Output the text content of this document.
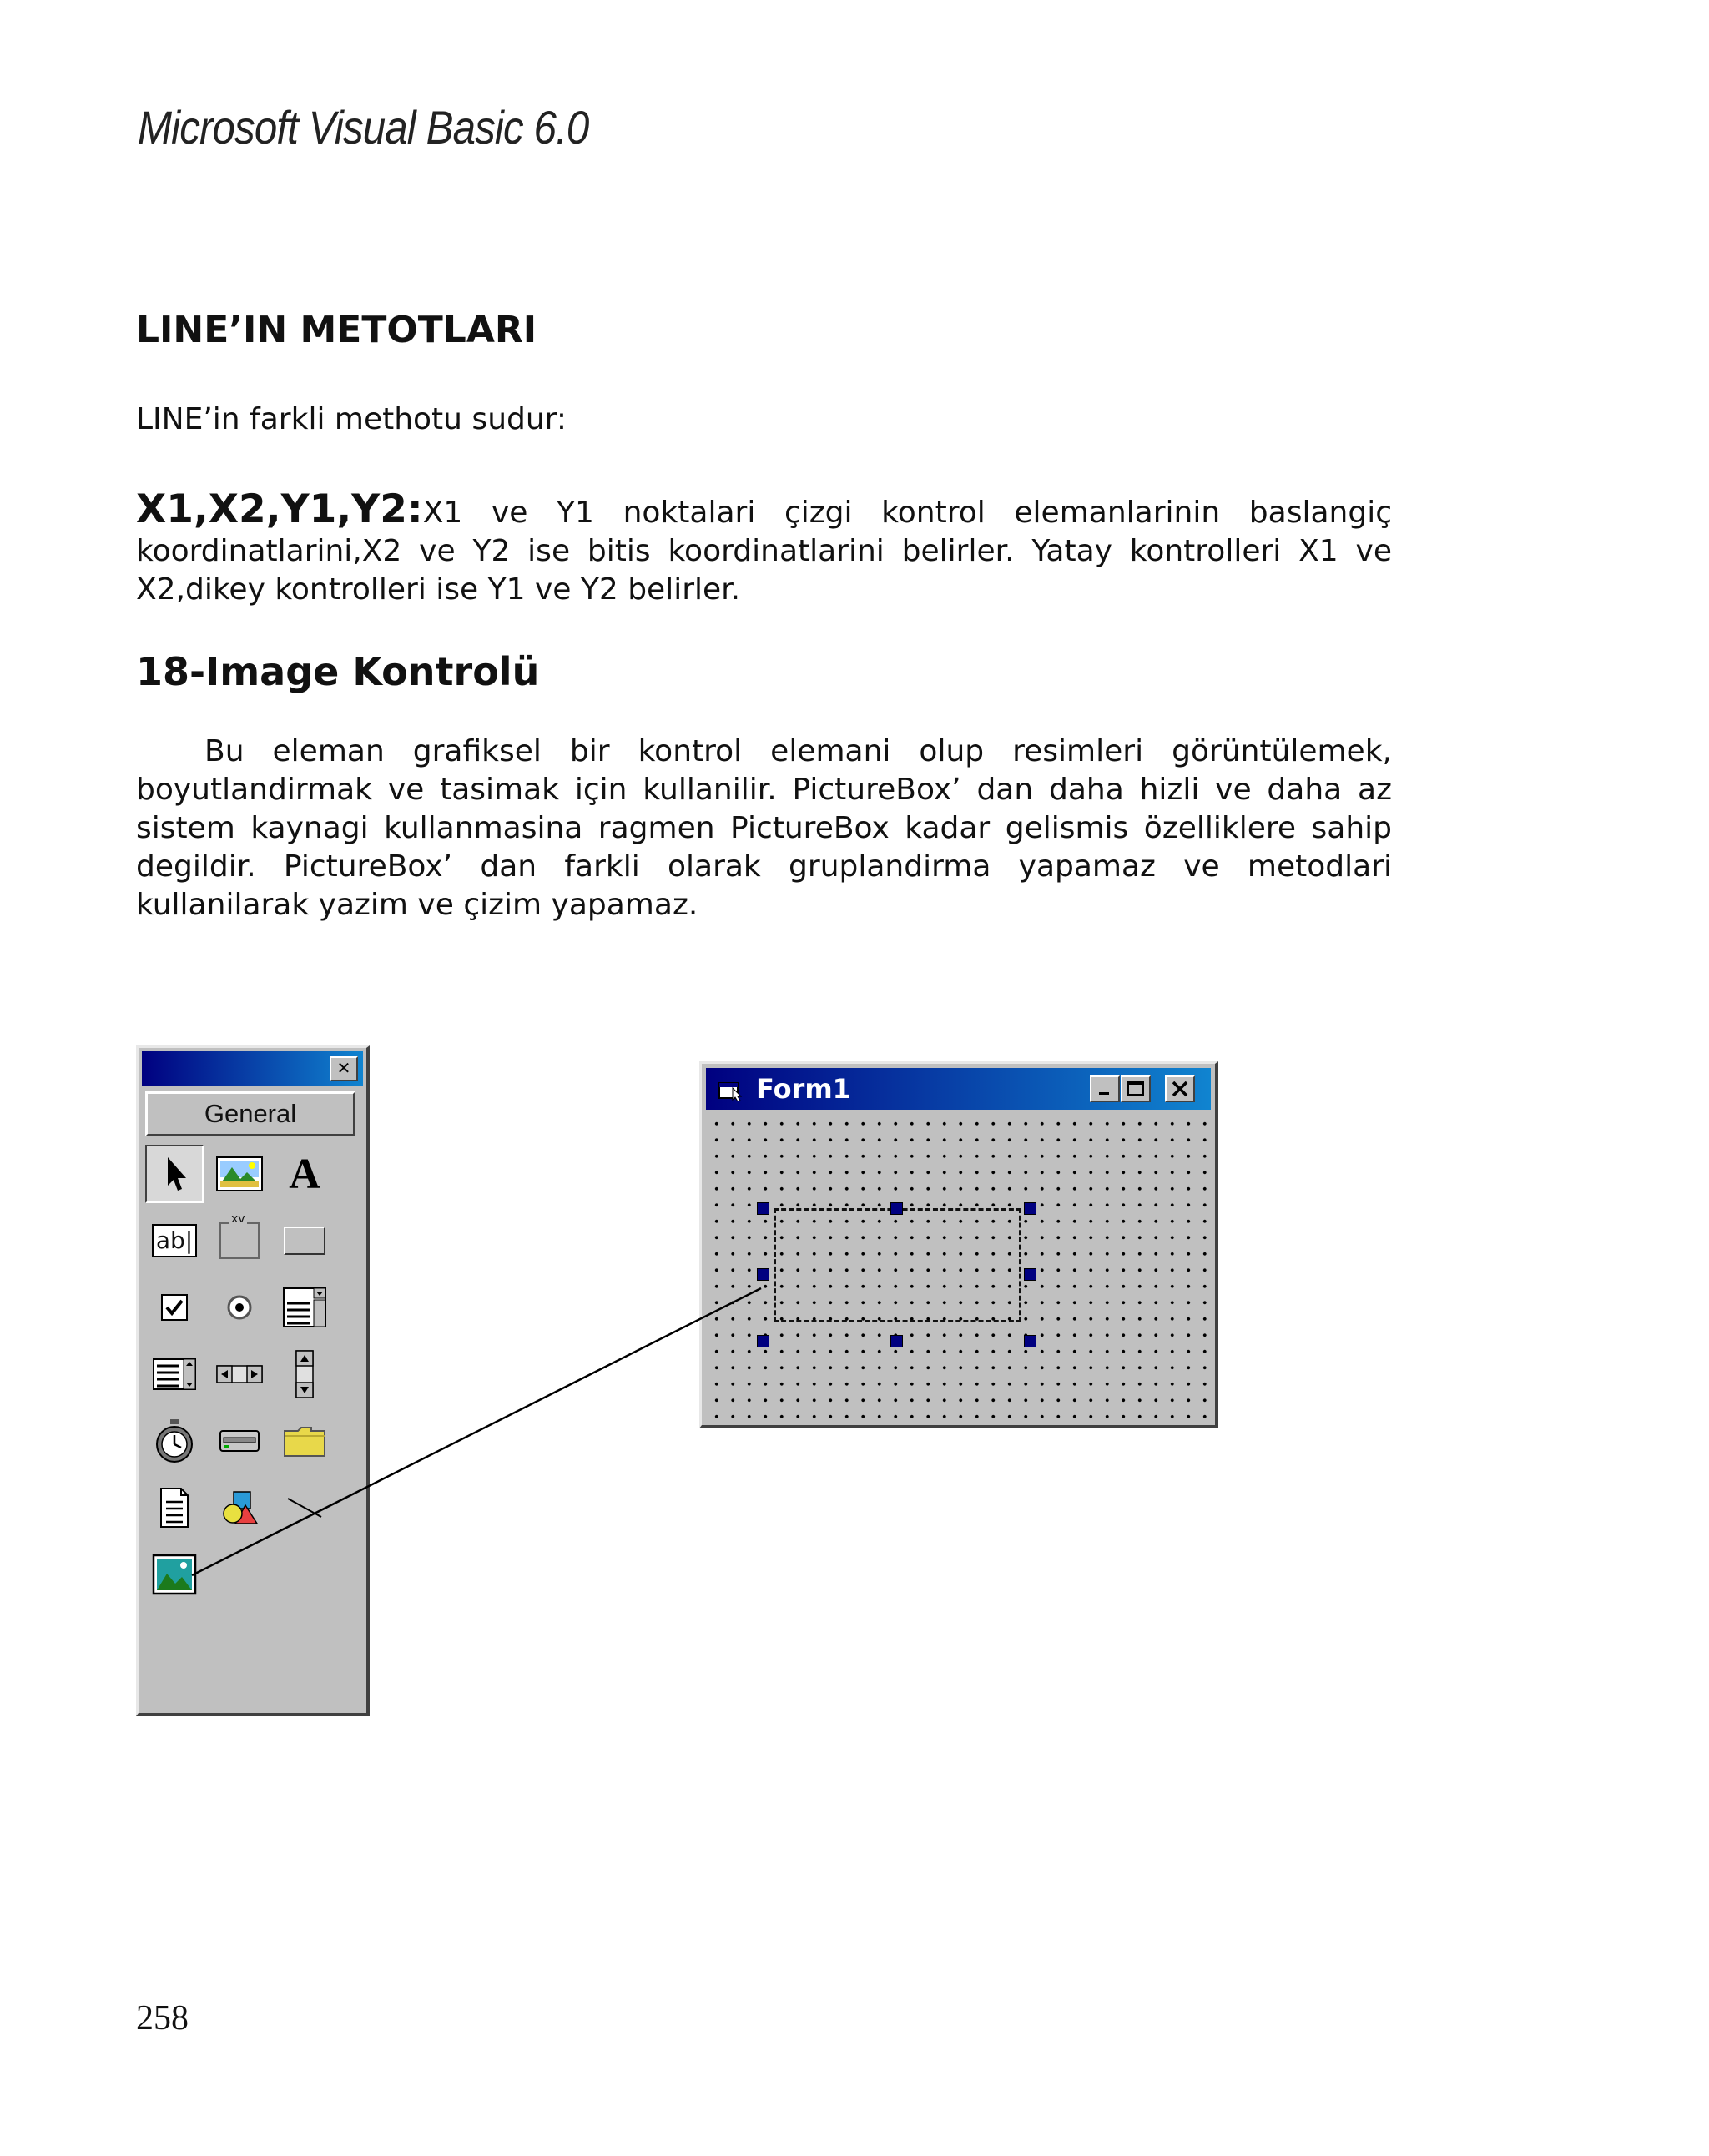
Microsoft Visual Basic 6.0
LINE’IN METOTLARI
LINE’in farkli methotu sudur:
X1,X2,Y1,Y2:X1 ve Y1 noktalari çizgi kontrol elemanlarinin baslangiç koordinatlarini,X2 ve Y2 ise bitis koordinatlarini belirler. Yatay kontrolleri X1 ve X2,dikey kontrolleri ise Y1 ve Y2 belirler.
18-Image Kontrolü
Bu eleman grafiksel bir kontrol elemani olup resimleri görüntülemek, boyutlandirmak ve tasimak için kullanilir. PictureBox’ dan daha hizli ve daha az sistem kaynagi kullanmasina ragmen PictureBox kadar gelismis özelliklere sahip degildir. PictureBox’ dan farkli olarak gruplandirma yapamaz ve metodlari kullanilarak yazim ve çizim yapamaz.
✕
General
A
ab|
xv
Form1
258
